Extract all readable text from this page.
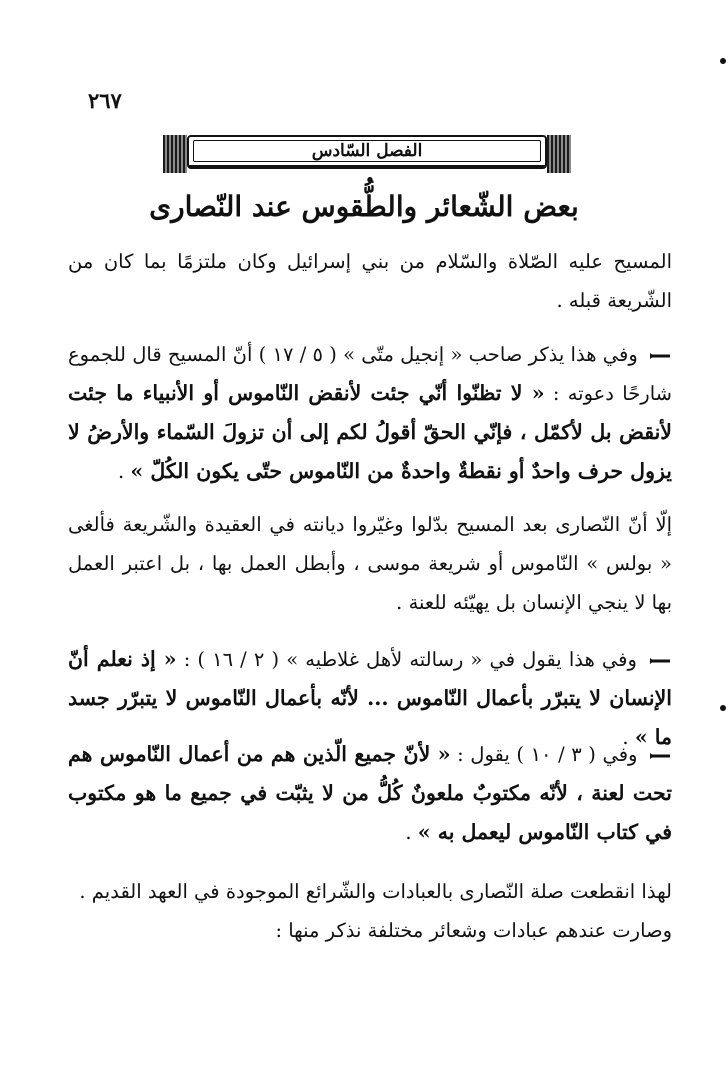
٢٦٧
الفصل السّادس
بعض الشّعائر والطُّقوس عند النّصارى

المسيح عليه الصّلاة والسّلام من بني إسرائيل وكان ملتزمًا بما كان من الشّريعة قبله .

وفي هذا يذكر صاحب « إنجيل متّى » ( ٥ / ١٧ ) أنّ المسيح قال للجموع شارحًا دعوته : « لا تظنّوا أنّي جئت لأنقض النّاموس أو الأنبياء ما جئت لأنقض بل لأكمّل ، فإنّي الحقّ أقولُ لكم إلى أن تزولَ السّماء والأرضُ لا يزول حرف واحدٌ أو نقطةٌ واحدةٌ من النّاموس حتّى يكون الكُلّ » .

إلّا أنّ النّصارى بعد المسيح بدّلوا وغيّروا ديانته في العقيدة والشّريعة فألغى « بولس » النّاموس أو شريعة موسى ، وأبطل العمل بها ، بل اعتبر العمل بها لا ينجي الإنسان بل يهيّئه للعنة .

وفي هذا يقول في « رسالته لأهل غلاطيه » ( ٢ / ١٦ ) : « إذ نعلم أنّ الإنسان لا يتبرّر بأعمال النّاموس ... لأنّه بأعمال النّاموس لا يتبرّر جسد ما » .

وفي ( ٣ / ١٠ ) يقول : « لأنّ جميع الّذين هم من أعمال النّاموس هم تحت لعنة ، لأنّه مكتوبٌ ملعونٌ كُلُّ من لا يثبّت في جميع ما هو مكتوب في كتاب النّاموس ليعمل به » .

لهذا انقطعت صلة النّصارى بالعبادات والشّرائع الموجودة في العهد القديم .

وصارت عندهم عبادات وشعائر مختلفة نذكر منها :
